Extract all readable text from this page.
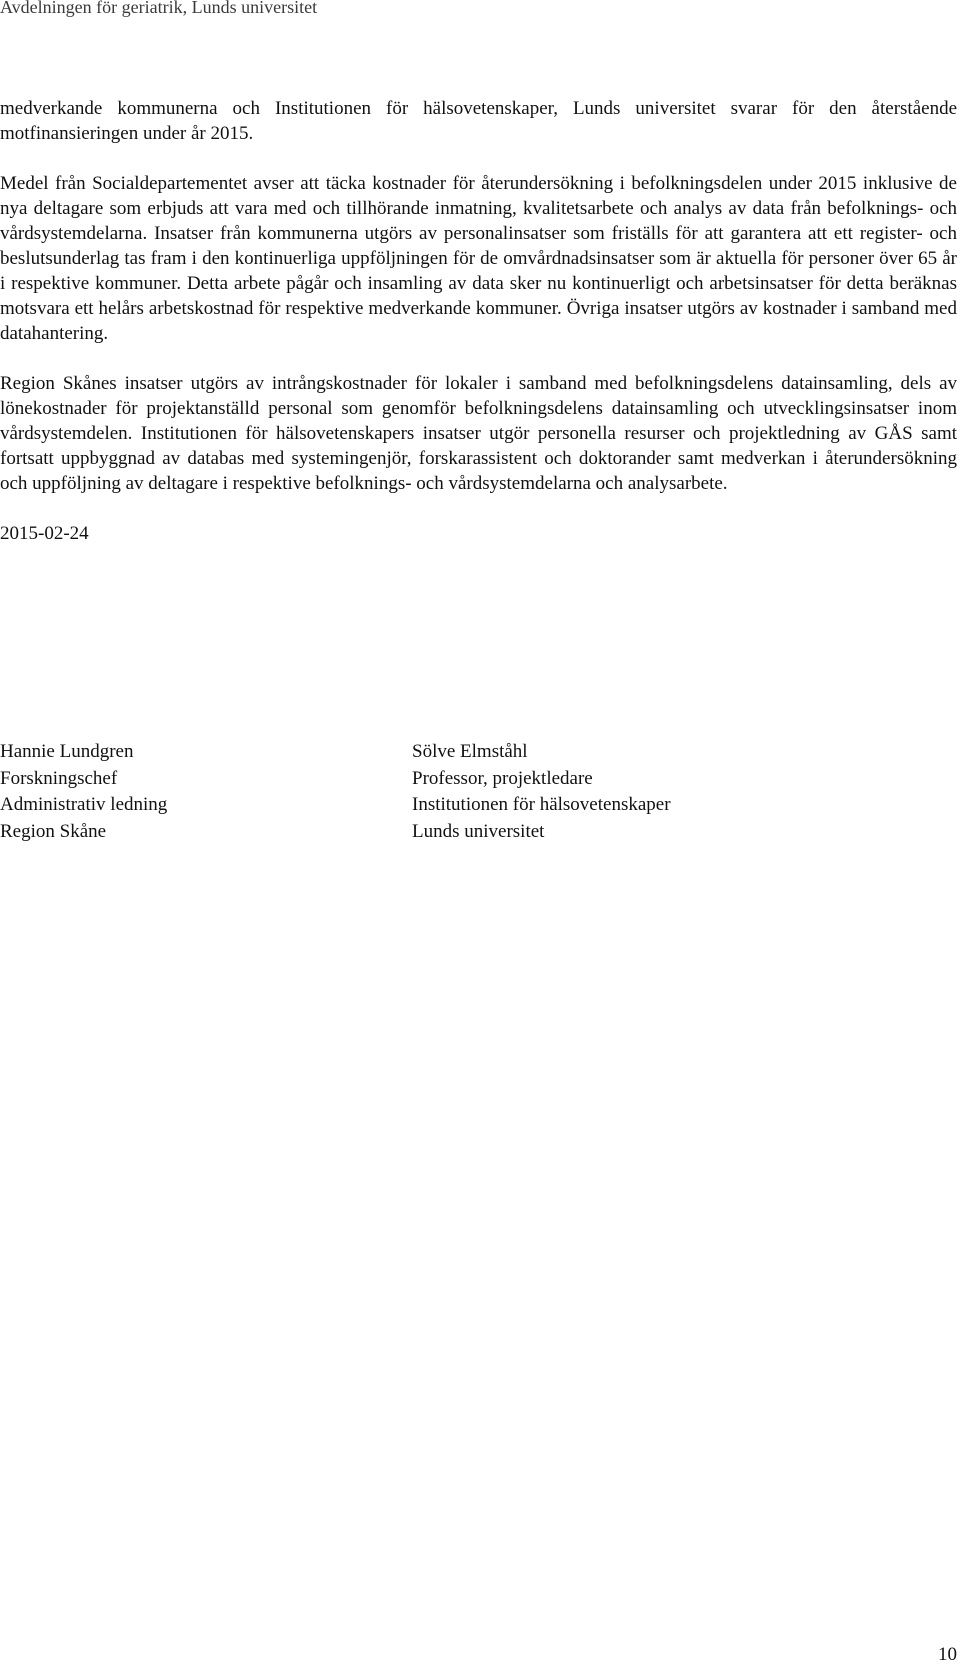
Avdelningen för geriatrik, Lunds universitet

medverkande kommunerna och Institutionen för hälsovetenskaper, Lunds universitet svarar för den återstående motfinansieringen under år 2015.

Medel från Socialdepartementet avser att täcka kostnader för återundersökning i befolkningsdelen under 2015 inklusive de nya deltagare som erbjuds att vara med och tillhörande inmatning, kvalitetsarbete och analys av data från befolknings- och vårdsystemdelarna. Insatser från kommunerna utgörs av personalinsatser som friställs för att garantera att ett register- och beslutsunderlag tas fram i den kontinuerliga uppföljningen för de omvårdnadsinsatser som är aktuella för personer över 65 år i respektive kommuner. Detta arbete pågår och insamling av data sker nu kontinuerligt och arbetsinsatser för detta beräknas motsvara ett helårs arbetskostnad för respektive medverkande kommuner. Övriga insatser utgörs av kostnader i samband med datahantering.

Region Skånes insatser utgörs av intrångskostnader för lokaler i samband med befolkningsdelens datainsamling, dels av lönekostnader för projektanställd personal som genomför befolkningsdelens datainsamling och utvecklingsinsatser inom vårdsystemdelen. Institutionen för hälsovetenskapers insatser utgör personella resurser och projektledning av GÅS samt fortsatt uppbyggnad av databas med systemingenjör, forskarassistent och doktorander samt medverkan i återundersökning och uppföljning av deltagare i respektive befolknings- och vårdsystemdelarna och analysarbete.

2015-02-24
Hannie Lundgren
Forskningschef
Administrativ ledning
Region Skåne
Sölve Elmståhl
Professor, projektledare
Institutionen för hälsovetenskaper
Lunds universitet
10
